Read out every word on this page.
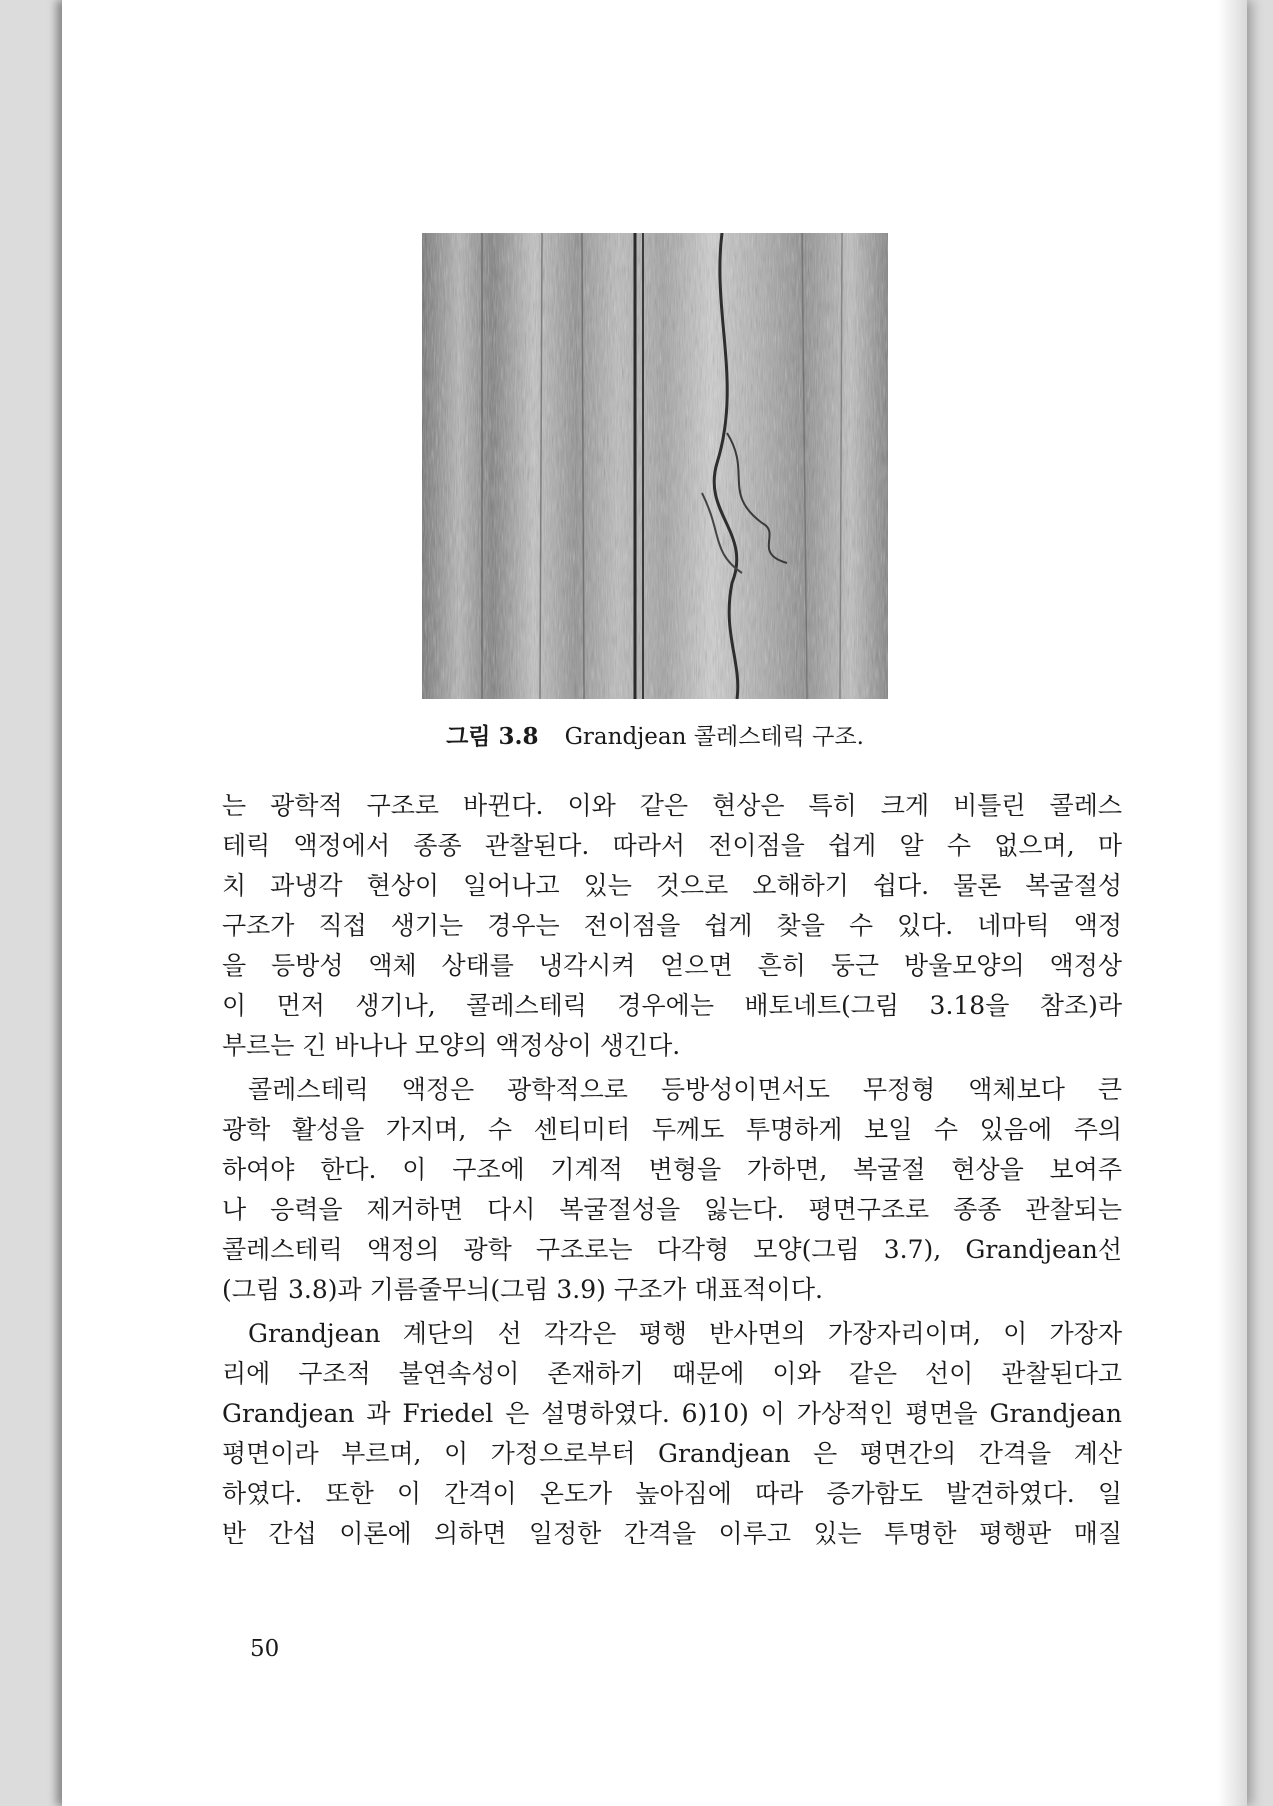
그림 3.8 Grandjean 콜레스테릭 구조.
는 광학적 구조로 바뀐다. 이와 같은 현상은 특히 크게 비틀린 콜레스
테릭 액정에서 종종 관찰된다. 따라서 전이점을 쉽게 알 수 없으며, 마
치 과냉각 현상이 일어나고 있는 것으로 오해하기 쉽다. 물론 복굴절성
구조가 직접 생기는 경우는 전이점을 쉽게 찾을 수 있다. 네마틱 액정
을 등방성 액체 상태를 냉각시켜 얻으면 흔히 둥근 방울모양의 액정상
이 먼저 생기나, 콜레스테릭 경우에는 배토네트(그림 3.18을 참조)라
부르는 긴 바나나 모양의 액정상이 생긴다.
콜레스테릭 액정은 광학적으로 등방성이면서도 무정형 액체보다 큰
광학 활성을 가지며, 수 센티미터 두께도 투명하게 보일 수 있음에 주의
하여야 한다. 이 구조에 기계적 변형을 가하면, 복굴절 현상을 보여주
나 응력을 제거하면 다시 복굴절성을 잃는다. 평면구조로 종종 관찰되는
콜레스테릭 액정의 광학 구조로는 다각형 모양(그림 3.7), Grandjean선
(그림 3.8)과 기름줄무늬(그림 3.9) 구조가 대표적이다.
Grandjean 계단의 선 각각은 평행 반사면의 가장자리이며, 이 가장자
리에 구조적 불연속성이 존재하기 때문에 이와 같은 선이 관찰된다고
Grandjean 과 Friedel 은 설명하였다. 6)10) 이 가상적인 평면을 Grandjean
평면이라 부르며, 이 가정으로부터 Grandjean 은 평면간의 간격을 계산
하였다. 또한 이 간격이 온도가 높아짐에 따라 증가함도 발견하였다. 일
반 간섭 이론에 의하면 일정한 간격을 이루고 있는 투명한 평행판 매질
50
